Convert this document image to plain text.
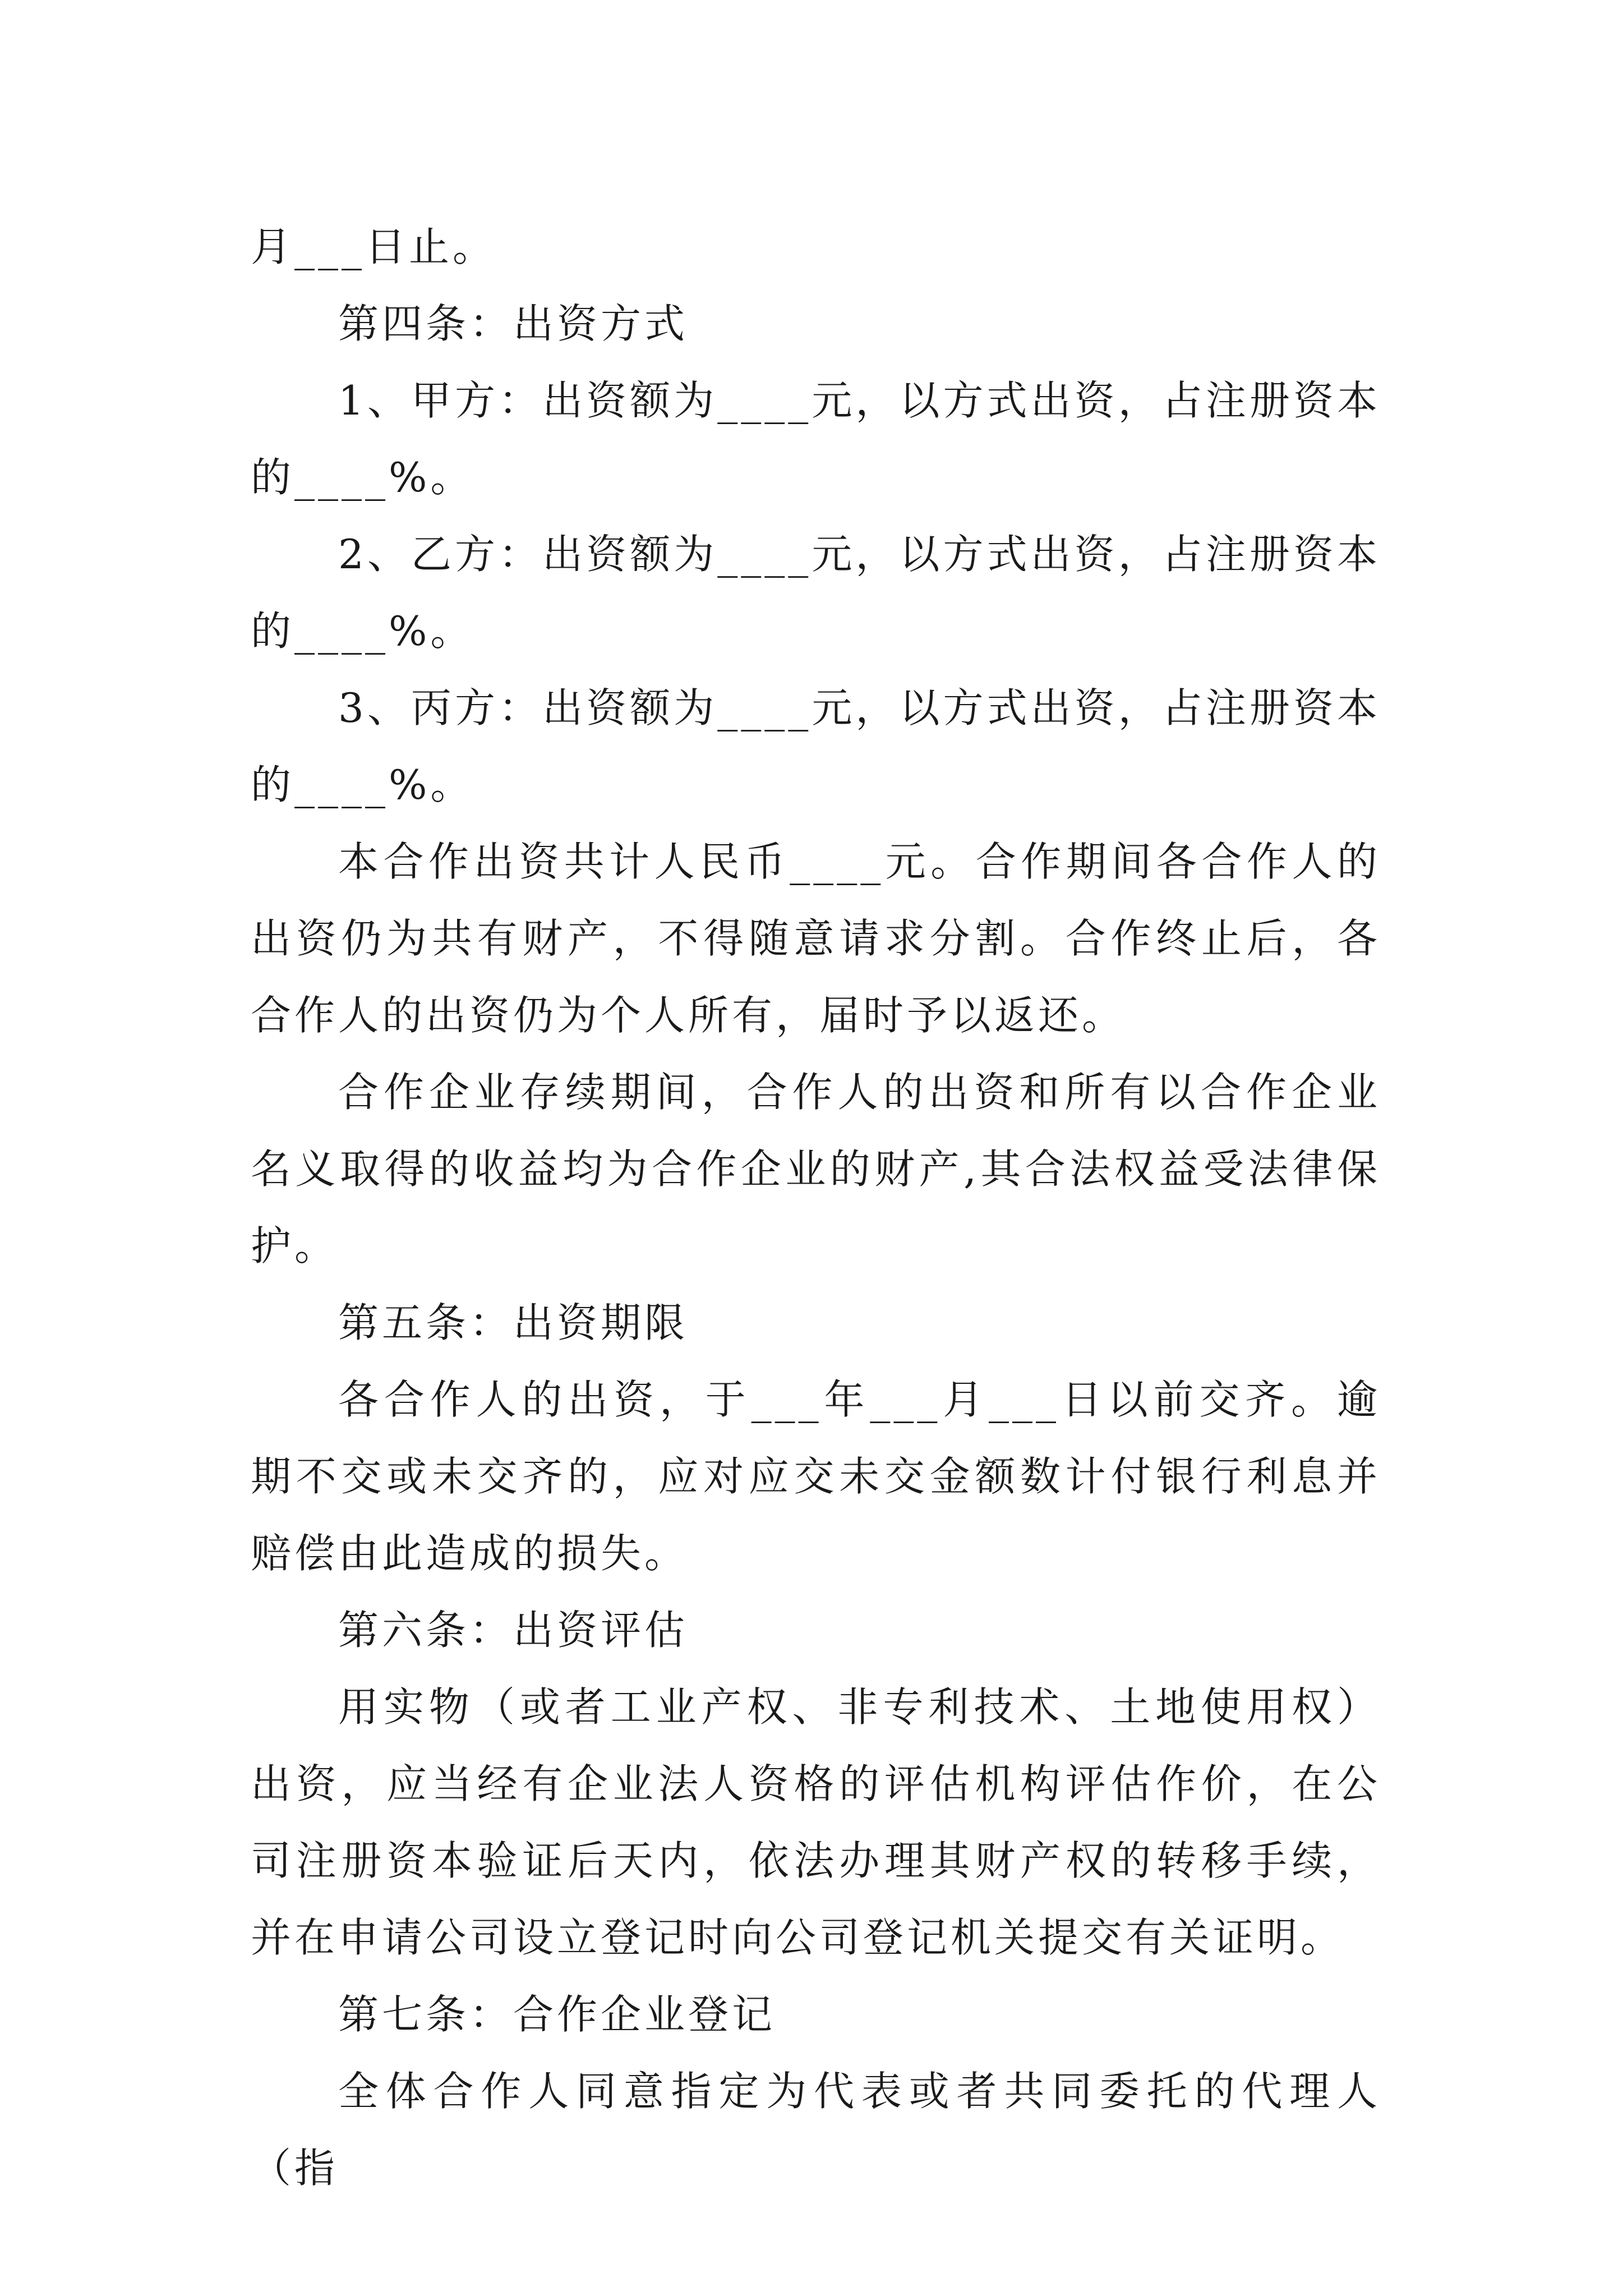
月___日止。

第四条：出资方式

1、甲方：出资额为____元，以方式出资，占注册资本的____%。

2、乙方：出资额为____元，以方式出资，占注册资本的____%。

3、丙方：出资额为____元，以方式出资，占注册资本的____%。

本合作出资共计人民币____元。合作期间各合作人的出资仍为共有财产，不得随意请求分割。合作终止后，各合作人的出资仍为个人所有，届时予以返还。

合作企业存续期间，合作人的出资和所有以合作企业名义取得的收益均为合作企业的财产,其合法权益受法律保护。

第五条：出资期限

各合作人的出资，于___年___月___日以前交齐。逾期不交或未交齐的，应对应交未交金额数计付银行利息并赔偿由此造成的损失。

第六条：出资评估

用实物（或者工业产权、非专利技术、土地使用权）出资，应当经有企业法人资格的评估机构评估作价，在公司注册资本验证后天内，依法办理其财产权的转移手续，并在申请公司设立登记时向公司登记机关提交有关证明。

第七条：合作企业登记

全体合作人同意指定为代表或者共同委托的代理人（指
